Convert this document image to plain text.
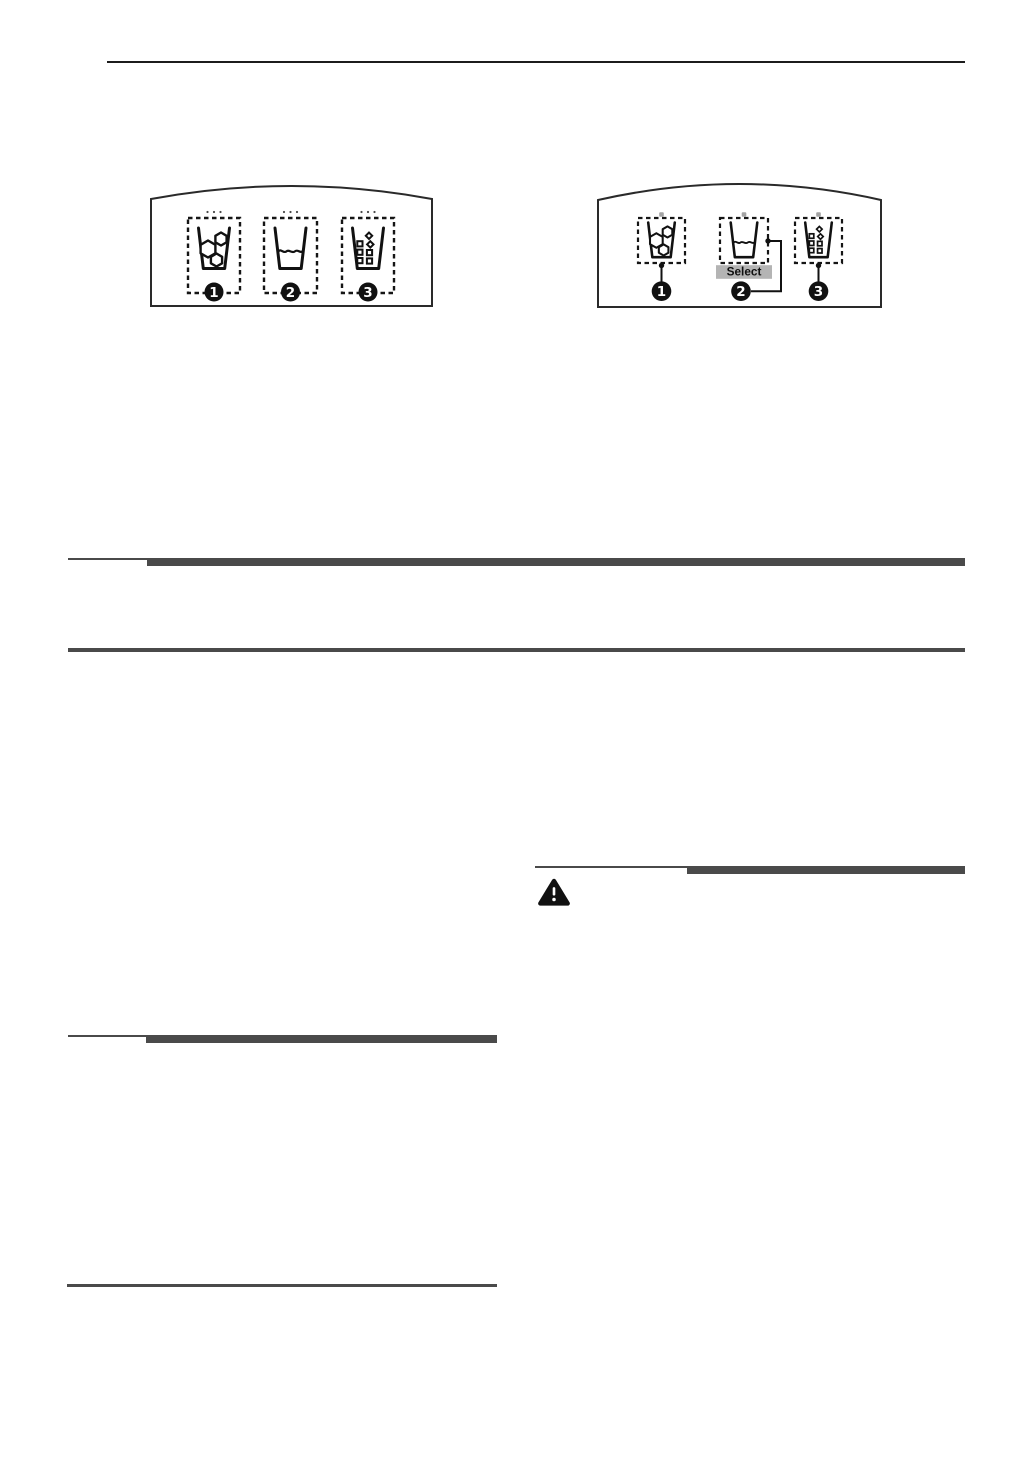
1	2	3
Select
1	2	3
